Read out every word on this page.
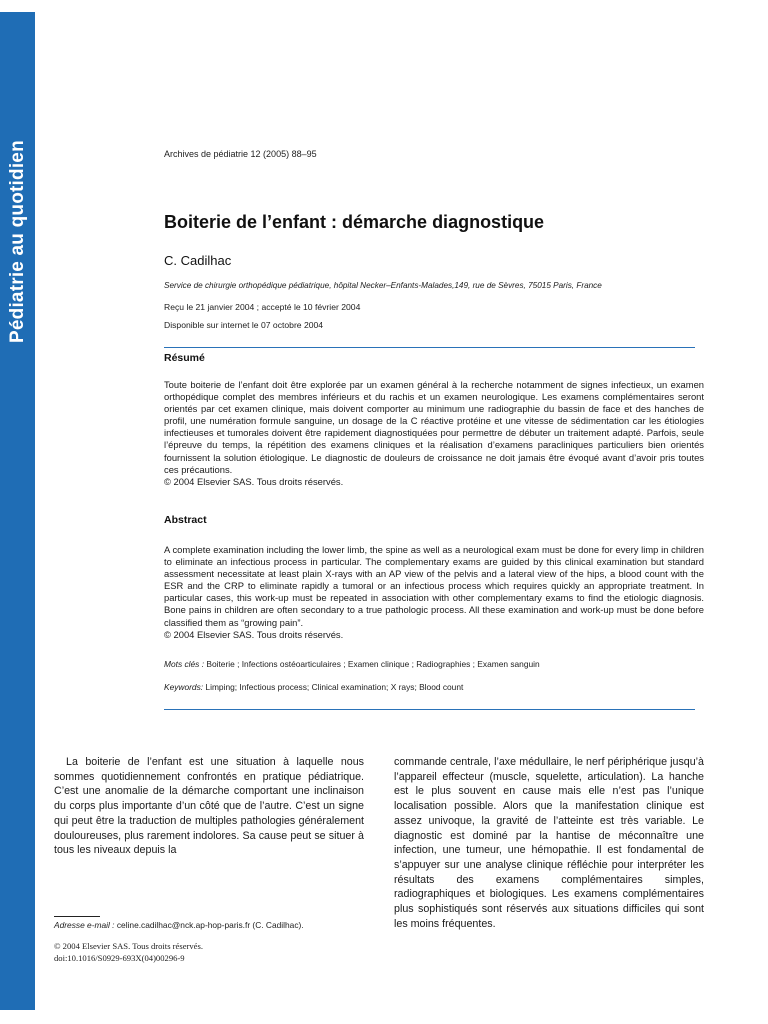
Pédiatrie au quotidien	Archives de pédiatrie 12 (2005) 88–95
Boiterie de l’enfant : démarche diagnostique
C. Cadilhac
Service de chirurgie orthopédique pédiatrique, hôpital Necker–Enfants-Malades,149, rue de Sèvres, 75015 Paris, France
Reçu le 21 janvier 2004 ; accepté le 10 février 2004
Disponible sur internet le 07 octobre 2004
Résumé

Toute boiterie de l’enfant doit être explorée par un examen général à la recherche notamment de signes infectieux, un examen orthopédique complet des membres inférieurs et du rachis et un examen neurologique. Les examens complémentaires seront orientés par cet examen clinique, mais doivent comporter au minimum une radiographie du bassin de face et des hanches de profil, une numération formule sanguine, un dosage de la C réactive protéine et une vitesse de sédimentation car les étiologies infectieuses et tumorales doivent être rapidement diagnostiquées pour permettre de débuter un traitement adapté. Parfois, seule l’épreuve du temps, la répétition des examens cliniques et la réalisation d’examens paracliniques particuliers bien orientés fournissent la solution étiologique. Le diagnostic de douleurs de croissance ne doit jamais être évoqué avant d’avoir pris toutes ces précautions.

© 2004 Elsevier SAS. Tous droits réservés.

Abstract

A complete examination including the lower limb, the spine as well as a neurological exam must be done for every limp in children to eliminate an infectious process in particular. The complementary exams are guided by this clinical examination but standard assessment necessitate at least plain X-rays with an AP view of the pelvis and a lateral view of the hips, a blood count with the ESR and the CRP to eliminate rapidly a tumoral or an infectious process which requires quickly an appropriate treatment. In particular cases, this work-up must be repeated in association with other complementary exams to find the etiologic diagnosis. Bone pains in children are often secondary to a true pathologic process. All these examination and work-up must be done before classified them as “growing pain”.

© 2004 Elsevier SAS. Tous droits réservés.

Mots clés : Boiterie ; Infections ostéoarticulaires ; Examen clinique ; Radiographies ; Examen sanguin
Keywords: Limping; Infectious process; Clinical examination; X rays; Blood count

La boiterie de l’enfant est une situation à laquelle nous sommes quotidiennement confrontés en pratique pédiatrique. C’est une anomalie de la démarche comportant une inclinaison du corps plus importante d’un côté que de l’autre. C’est un signe qui peut être la traduction de multiples pathologies généralement douloureuses, plus rarement indolores. Sa cause peut se situer à tous les niveaux depuis la

commande centrale, l’axe médullaire, le nerf périphérique jusqu’à l’appareil effecteur (muscle, squelette, articulation). La hanche est le plus souvent en cause mais elle n’est pas l’unique localisation possible. Alors que la manifestation clinique est assez univoque, la gravité de l’atteinte est très variable. Le diagnostic est dominé par la hantise de méconnaître une infection, une tumeur, une hémopathie. Il est fondamental de s’appuyer sur une analyse clinique réfléchie pour interpréter les résultats des examens complémentaires simples, radiographiques et biologiques. Les examens complémentaires plus sophistiqués sont réservés aux situations difficiles qui sont les moins fréquentes.

Adresse e-mail : celine.cadilhac@nck.ap-hop-paris.fr (C. Cadilhac).
© 2004 Elsevier SAS. Tous droits réservés.
doi:10.1016/S0929-693X(04)00296-9
